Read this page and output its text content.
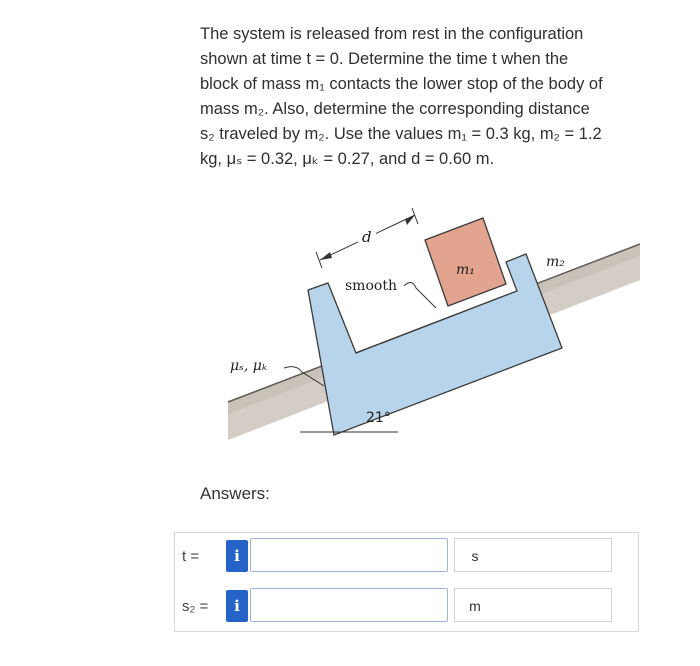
The system is released from rest in the configuration

shown at time t = 0. Determine the time t when the

block of mass m₁ contacts the lower stop of the body of

mass m₂. Also, determine the corresponding distance

s₂ traveled by m₂. Use the values m₁ = 0.3 kg, m₂ = 1.2

kg, μₛ = 0.32, μₖ = 0.27, and d = 0.60 m.

d
smooth
m₁	m₂
μₛ, μₖ
21°
Answers:
t =	i	s
s₂ =	i	m
